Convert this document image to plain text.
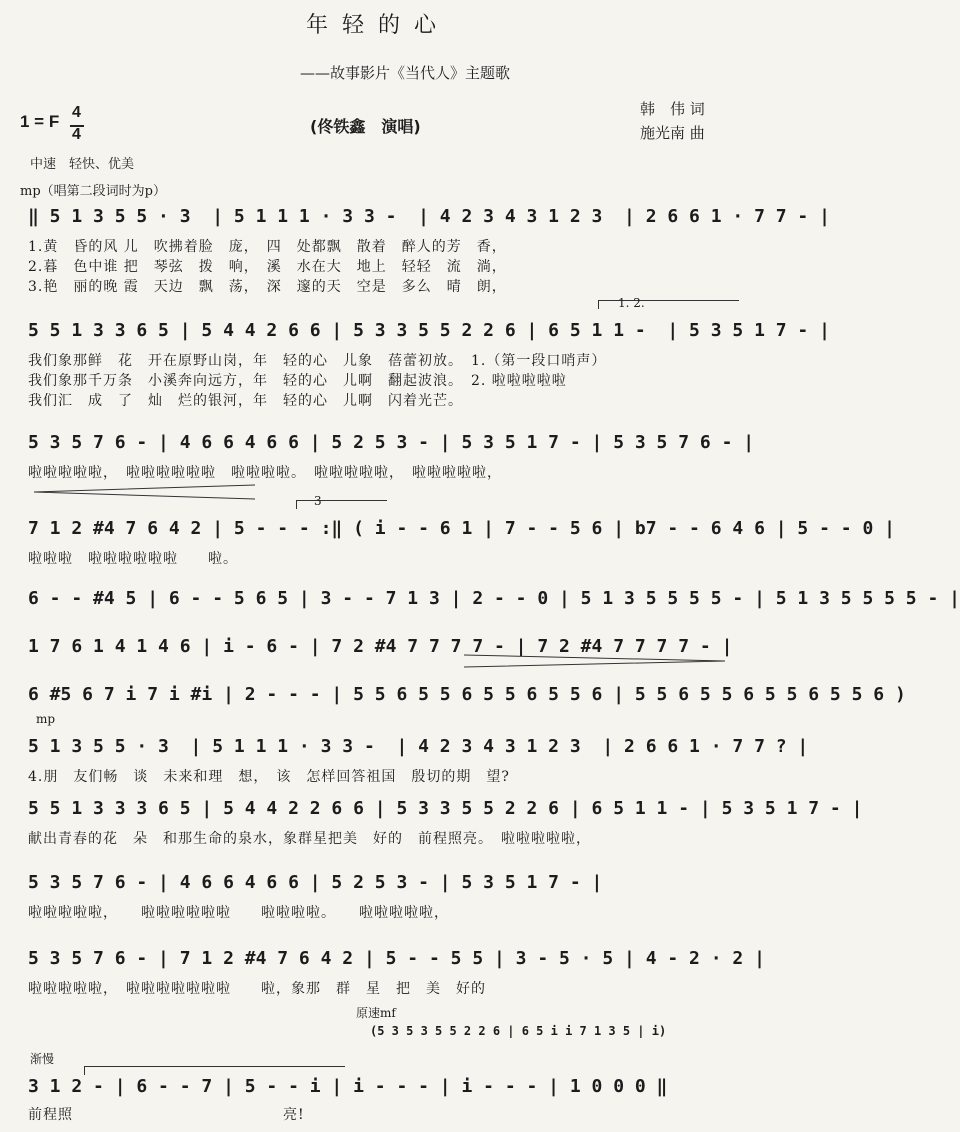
年轻的心
——故事影片《当代人》主题歌
1 = F 4
4	(佟铁鑫　演唱)
韩　伟 词
施光南 曲
中速　轻快、优美
mp（唱第二段词时为p）
‖ 5 1 3 5 5 · 3  | 5 1 1 1 · 3 3 -  | 4 2 3 4 3 1 2 3  | 2 6 6 1 · 7 7 - |
1.黄　昏的风 儿　吹拂着脸　庞，　四　处都飘　散着　醉人的芳　香，
2.暮　色中谁 把　琴弦　拨　响，　溪　水在大　地上　轻轻　流　淌，
3.艳　丽的晚 霞　天边　飘　荡，　深　邃的天　空是　多么　晴　朗，
1. 2.
5 5 1 3 3 6 5 | 5 4 4 2 6 6 | 5 3 3 5 5 2 2 6 | 6 5 1 1 -  | 5 3 5 1 7 - |
我们象那鲜　花　开在原野山岗，年　轻的心　儿象　蓓蕾初放。　1.（第一段口哨声）
我们象那千万条　小溪奔向远方，年　轻的心　儿啊　翻起波浪。　2. 啦啦啦啦啦
我们汇　成　了　灿　烂的银河，年　轻的心　儿啊　闪着光芒。
5 3 5 7 6 - | 4 6 6 4 6 6 | 5 2 5 3 - | 5 3 5 1 7 - | 5 3 5 7 6 - |
啦啦啦啦啦，　啦啦啦啦啦啦　啦啦啦啦。　啦啦啦啦啦，　啦啦啦啦啦，
3
7 1 2 #4 7 6 4 2 | 5 - - - :‖ ( i - - 6 1 | 7 - - 5 6 | b7 - - 6 4 6 | 5 - - 0 |
啦啦啦　啦啦啦啦啦啦　　啦。
6 - - #4 5 | 6 - - 5 6 5 | 3 - - 7 1 3 | 2 - - 0 | 5 1 3 5 5 5 5 - | 5 1 3 5 5 5 5 - |
1 7 6 1 4 1 4 6 | i - 6 - | 7 2 #4 7 7 7 7 - | 7 2 #4 7 7 7 7 - |
6 #5 6 7 i 7 i #i | 2 - - - | 5 5 6 5 5 6 5 5 6 5 5 6 | 5 5 6 5 5 6 5 5 6 5 5 6 )
mp
5 1 3 5 5 · 3  | 5 1 1 1 · 3 3 -  | 4 2 3 4 3 1 2 3  | 2 6 6 1 · 7 7 ? |
4.朋　友们畅　谈　未来和理　想，　该　怎样回答祖国　殷切的期　望?
5 5 1 3 3 3 6 5 | 5 4 4 2 2 6 6 | 5 3 3 5 5 2 2 6 | 6 5 1 1 - | 5 3 5 1 7 - |
献出青春的花　朵　和那生命的泉水，象群星把美　好的　前程照亮。　啦啦啦啦啦，
5 3 5 7 6 - | 4 6 6 4 6 6 | 5 2 5 3 - | 5 3 5 1 7 - |
啦啦啦啦啦，　　啦啦啦啦啦啦　　啦啦啦啦。　　啦啦啦啦啦，
5 3 5 7 6 - | 7 1 2 #4 7 6 4 2 | 5 - - 5 5 | 3 - 5 · 5 | 4 - 2 · 2 |
啦啦啦啦啦，　啦啦啦啦啦啦啦　　啦，象那　群　星　把　美　好的
原速mf
(5 3 5 3 5 5 2 2 6 | 6 5 i i 7 1 3 5 | i)
渐慢
3 1 2 - | 6 - - 7 | 5 - - i | i - - - | i - - - | 1 0 0 0 ‖
前程照　　　　　　　　　　　　　　亮!
